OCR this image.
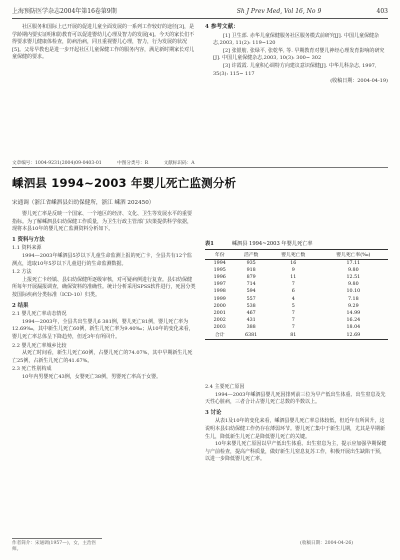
上海预防医学杂志2004年第16卷第9期	Sh J Prev Med, Vol 16, No 9	403

社区服务和国际上已开展的促进儿童全面发展的一系列工作较好的途径[3]，是学龄期内要实证明和防教育可以促进婴幼儿心理及智力的发展[4]。今天的家长们不得要求婴儿健康体检查，防病治病，同且重视婴儿心理，智力，行为发展的状况[5]。父母早教也是进一步开起社区儿童保健工作的服务内容，满足新时期家长对儿童保健的要求。

4 参考文献：

[1] 卫生部. 赤华儿童保健服务社区服务模式前研究[J]. 中国儿童保健杂志,2003, 11(2): 119~120

[2] 张银舫, 张绿平, 张乾华, 等. 早期教育对婴儿神经心理发育影响的研究[J]. 中国儿童保健杂志,2003, 10(3): 300~ 302

[3] 许霞霞. 儿童积心调特方向建议意识保健[J]. 中华儿科杂志, 1997, 35(3): 115~ 117

(收稿日期：2004-04-19)

文章编号：1004-9231(2004)09-0403-01	中图分类号：R	文献标识码：A
嵊泗县 1994~2003 年婴儿死亡监测分析
宋通调（浙江省嵊泗县妇幼保健所，浙江 嵊泗 202450）

婴儿死亡率是反映一个国家、一个地区的经济、文化、卫生等发展水平的重要指标。为了解嵊泗县妇幼保健工作质量，为卫生行政主管部门决策提供科学依据，现将本县10年的婴儿死亡监测资料分析如下。

1 资料与方法

1.1 资料来源

1994—2003年嵊泗县5岁以下儿童生命监测上报的死亡卡，全县共有12个监测点，选取10年5岁以下儿童进行的生命监测数据。

1.2 方法

上报死亡卡经镇、县妇幼保健所逐级审核，对可疑病例进行复查。县妇幼保健所每年开展漏报调查，确保资料的准确性。统计分析采用SPSS软件进行，死因分类按国际疾病分类标准（ICD-10）归类。

2 结果

2.1 婴儿死亡率动态情况

1994—2003年，全县共出生婴儿6 381例，婴儿死亡81例，婴儿死亡率为12.69‰，其中新生儿死亡60例，新生儿死亡率为9.40‰；从10年的变化来看，婴儿死亡率总体呈下降趋势，但近3年有所回升。

2.2 婴儿死亡率城乡比较

从死亡时间看，新生儿死亡60例，占婴儿死亡的74.07%，其中早期新生儿死亡25例，占新生儿死亡的41.67%。

2.3 死亡性别构成

10年内男婴死亡43例，女婴死亡38例，男婴死亡率高于女婴。

表1	嵊泗县 1994~2003 年婴儿死亡率
年份	活产数	婴儿死亡数	婴儿死亡率(‰)
1994	935	16	17.11
1995	918	9	9.80
1996	879	11	12.51
1997	714	7	9.80
1998	594	6	10.10
1999	557	4	7.18
2000	538	5	9.29
2001	467	7	14.99
2002	431	7	16.24
2003	388	7	18.04
合计	6381	81	12.69

2.4 主要死亡原因

1994—2003年嵊泗县婴儿死因排列前三位为早产低出生体重、出生窒息及先天性心脏病，三者合计占婴儿死亡总数的半数以上。

3 讨论

从表1及10年的变化来看，嵊泗县婴儿死亡率总体较低，但近年有所回升，这说明本县妇幼保健工作仍存在薄弱环节。婴儿死亡集中于新生儿期，尤其是早期新生儿，降低新生儿死亡是降低婴儿死亡的关键。

10年来婴儿死亡原因以早产低出生体重、出生窒息为主，提示应加强孕期保健与产前检查，提高产科质量，做好新生儿窒息复苏工作，积极开展出生缺陷干预，以进一步降低婴儿死亡率。

作者简介：宋通调(1957—)，女，主治医师。
(收稿日期：2004-04-26)
